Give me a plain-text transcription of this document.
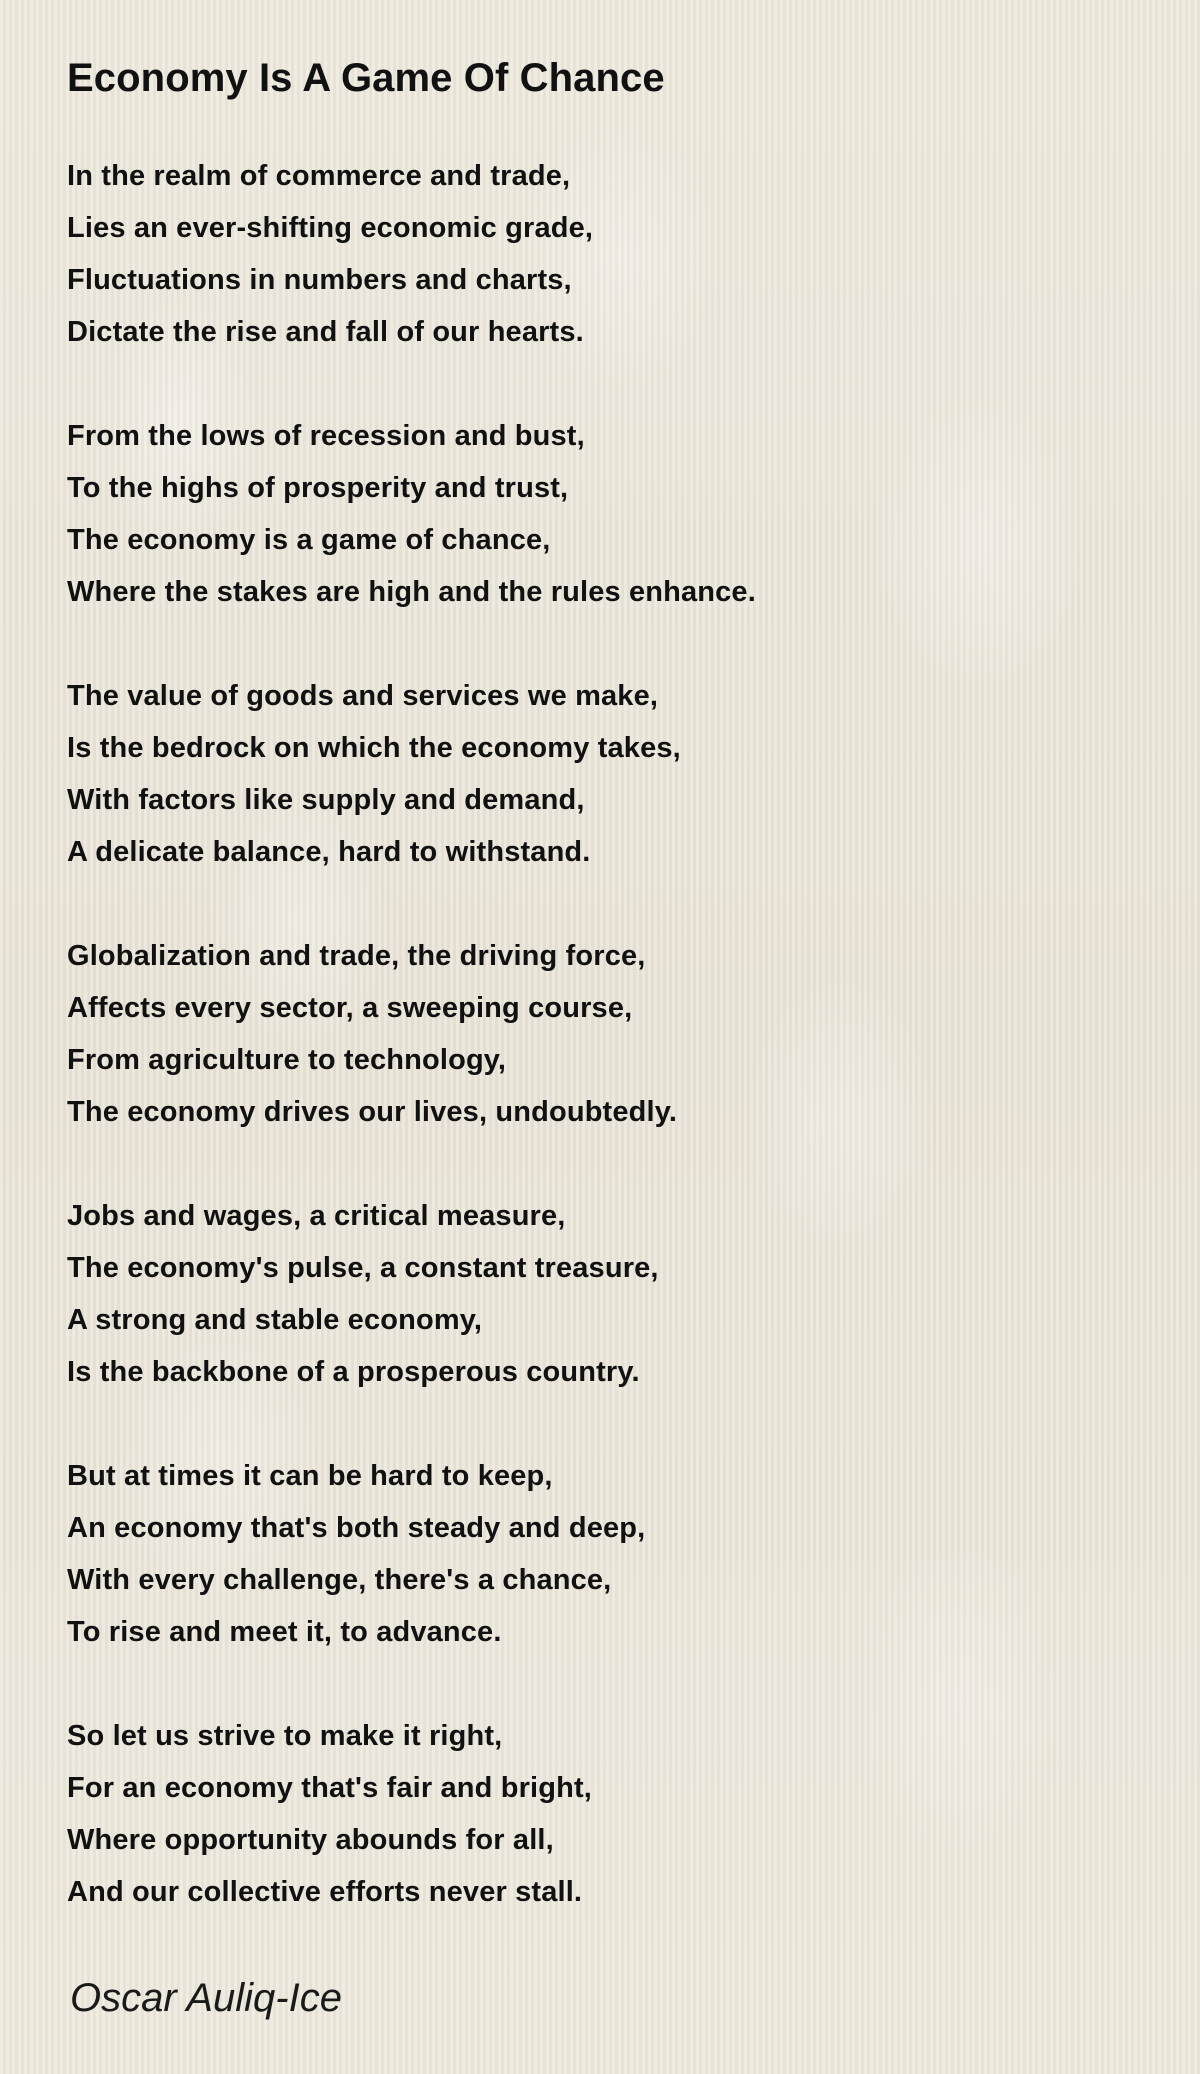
Economy Is A Game Of Chance
In the realm of commerce and trade,
Lies an ever-shifting economic grade,
Fluctuations in numbers and charts,
Dictate the rise and fall of our hearts.
From the lows of recession and bust,
To the highs of prosperity and trust,
The economy is a game of chance,
Where the stakes are high and the rules enhance.
The value of goods and services we make,
Is the bedrock on which the economy takes,
With factors like supply and demand,
A delicate balance, hard to withstand.
Globalization and trade, the driving force,
Affects every sector, a sweeping course,
From agriculture to technology,
The economy drives our lives, undoubtedly.
Jobs and wages, a critical measure,
The economy's pulse, a constant treasure,
A strong and stable economy,
Is the backbone of a prosperous country.
But at times it can be hard to keep,
An economy that's both steady and deep,
With every challenge, there's a chance,
To rise and meet it, to advance.
So let us strive to make it right,
For an economy that's fair and bright,
Where opportunity abounds for all,
And our collective efforts never stall.

Oscar Auliq-Ice
